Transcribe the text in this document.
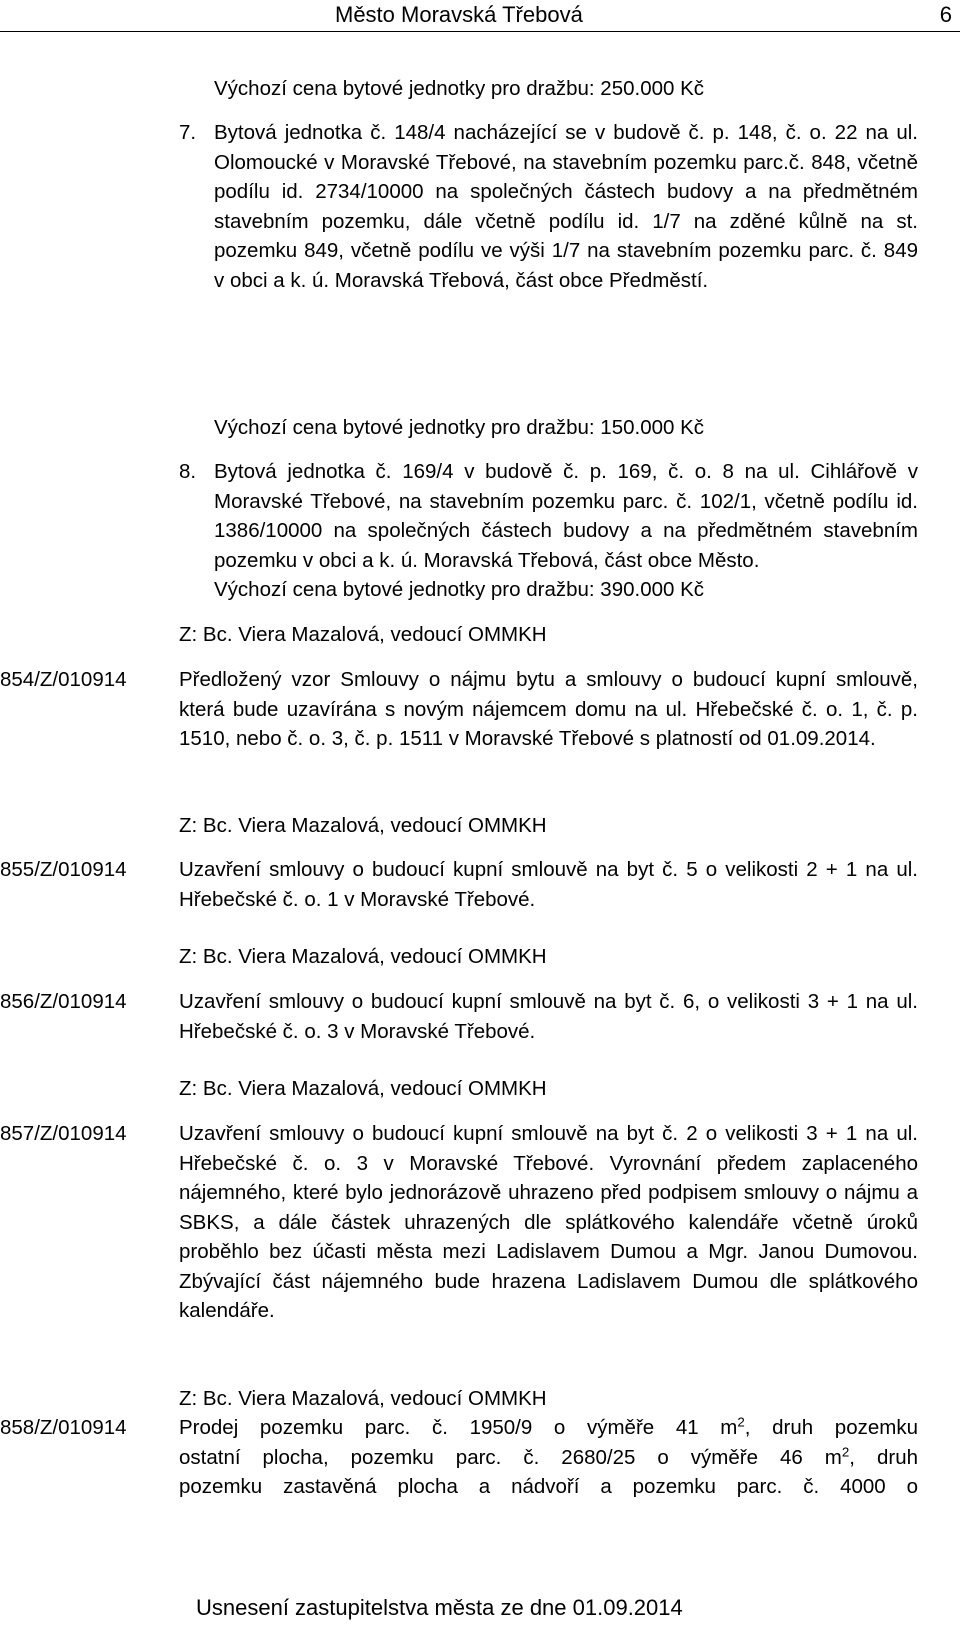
Město Moravská Třebová	6
Výchozí cena bytové jednotky pro dražbu: 250.000 Kč
7. Bytová jednotka č. 148/4 nacházející se v budově č. p. 148, č. o. 22 na ul. Olomoucké v Moravské Třebové, na stavebním pozemku parc.č. 848, včetně podílu id. 2734/10000 na společných částech budovy a na předmětném stavebním pozemku, dále včetně podílu id. 1/7 na zděné kůlně na st. pozemku 849, včetně podílu ve výši 1/7 na stavebním pozemku parc. č. 849 v obci a k. ú. Moravská Třebová, část obce Předměstí.
Výchozí cena bytové jednotky pro dražbu: 150.000 Kč
8. Bytová jednotka č. 169/4 v budově č. p. 169, č. o. 8 na ul. Cihlářově v Moravské Třebové, na stavebním pozemku parc. č. 102/1, včetně podílu id. 1386/10000 na společných částech budovy a na předmětném stavebním pozemku v obci a k. ú. Moravská Třebová, část obce Město.
Výchozí cena bytové jednotky pro dražbu: 390.000 Kč
Z: Bc. Viera Mazalová, vedoucí OMMKH
854/Z/010914	Předložený vzor Smlouvy o nájmu bytu a smlouvy o budoucí kupní smlouvě, která bude uzavírána s novým nájemcem domu na ul. Hřebečské č. o. 1, č. p. 1510, nebo č. o. 3, č. p. 1511 v Moravské Třebové s platností od 01.09.2014.
Z: Bc. Viera Mazalová, vedoucí OMMKH
855/Z/010914	Uzavření smlouvy o budoucí kupní smlouvě na byt č. 5 o velikosti 2 + 1 na ul. Hřebečské č. o. 1 v Moravské Třebové.
Z: Bc. Viera Mazalová, vedoucí OMMKH
856/Z/010914	Uzavření smlouvy o budoucí kupní smlouvě na byt č. 6, o velikosti 3 + 1 na ul. Hřebečské č. o. 3 v Moravské Třebové.
Z: Bc. Viera Mazalová, vedoucí OMMKH
857/Z/010914	Uzavření smlouvy o budoucí kupní smlouvě na byt č. 2 o velikosti 3 + 1 na ul. Hřebečské č. o. 3 v Moravské Třebové. Vyrovnání předem zaplaceného nájemného, které bylo jednorázově uhrazeno před podpisem smlouvy o nájmu a SBKS, a dále částek uhrazených dle splátkového kalendáře včetně úroků proběhlo bez účasti města mezi Ladislavem Dumou a Mgr. Janou Dumovou. Zbývající část nájemného bude hrazena Ladislavem Dumou dle splátkového kalendáře.
Z: Bc. Viera Mazalová, vedoucí OMMKH
858/Z/010914	Prodej pozemku parc. č. 1950/9 o výměře 41 $m^2$, druh pozemku
ostatní plocha, pozemku parc. č. 2680/25 o výměře 46 $m^2$, druh
pozemku zastavěná plocha a nádvoří a pozemku parc. č. 4000 o
Usnesení zastupitelstva města ze dne 01.09.2014
